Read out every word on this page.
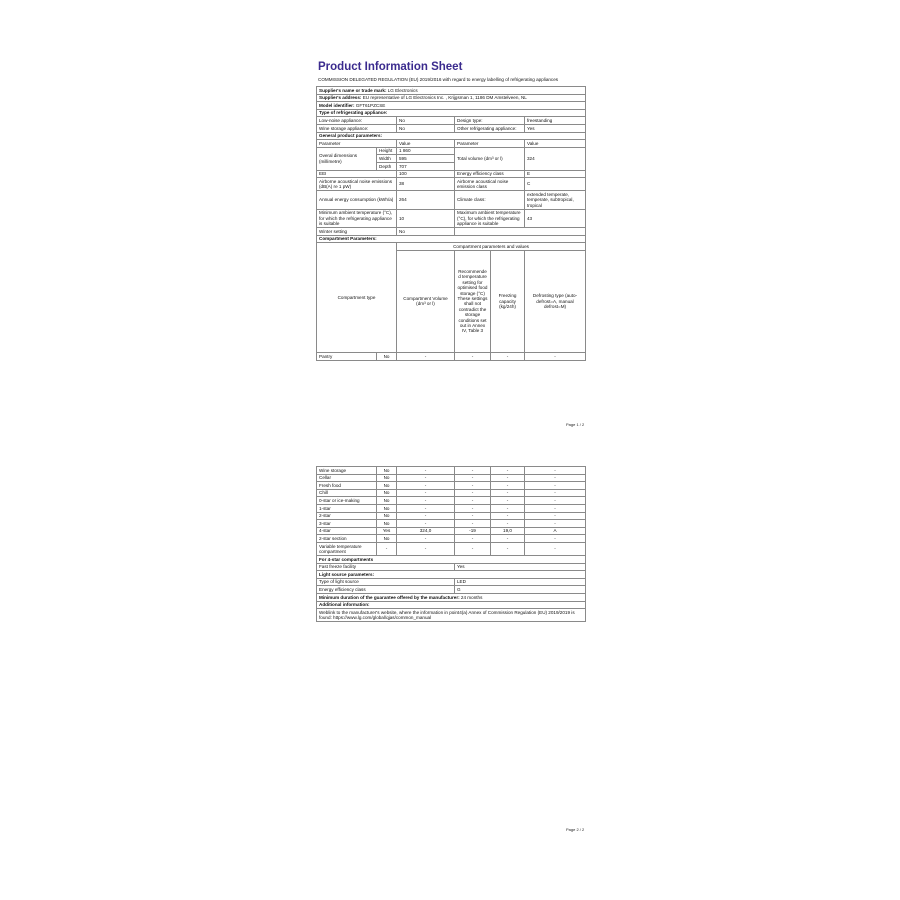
Product Information Sheet
COMMISSION DELEGATED REGULATION (EU) 2019/2016 with regard to energy labelling of refrigerating appliances
Supplier's name or trade mark: LG Electronics					
Supplier's address: EU representative of LG Electronics Inc. , Krijgsman 1, 1186 DM Amstelveen, NL					
Model identifier: GFT61PZCSE					
Type of refrigerating appliance:					
Low-noise appliance:		No	Design type:		freestanding
Wine storage appliance:		No	Other refrigerating appliance:		Yes
General product parameters:					
Parameter		Value	Parameter		Value
Overal dimensions (millimetre)	Height	1 860	Total volume (dm³ or l)		324
	Width	595			
	Depth	707			
EEI		100	Energy efficiency class		E
Airborne acoustical noise emissions (dB(A) re 1 pW)		38	Airborne acoustical noise emission class		C
Annual energy consumption (kWh/a)		264	Climate class:		extended temperate, temperate, subtropical, tropical
Minimum ambient temperature (°C), for which the refrigerating appliance is suitable		10	Maximum ambient temperature (°C), for which the refrigerating appliance is suitable		43
Winter setting		No			
Compartment Parameters:					
Compartment type		Compartment parameters and values			
		Compartment Volume (dm³ or l)	Recommended temperature setting for optimised food storage (°C) These settings shall not contradict the storage conditions set out in Annex IV, Table 3	Freezing capacity (kg/24h)	Defrosting type (auto-defrost=A, manual defrost=M)
Pantry	No	-	-	-	-
Page 1 / 2
Wine storage	No	-	-	-	-
Cellar	No	-	-	-	-
Fresh food	No	-	-	-	-
Chill	No	-	-	-	-
0-star or ice-making	No	-	-	-	-
1-star	No	-	-	-	-
2-star	No	-	-	-	-
3-star	No	-	-	-	-
4-star	Yes	324,0	-19	19,0	A
2-star section	No	-	-	-	-
Variable temperature compartment	-	-	-	-	-
For 4-star compartments					
Fast freeze facility			Yes		
Light source parameters:					
Type of light source			LED		
Energy efficiency class			G		
Minimum duration of the guarantee offered by the manufacturer: 24 months					
Additional information:					
Weblink to the manufacturer's website, where the information in point4(a) Annex of Commission Regulation (EU) 2019/2019 is found: https://www.lg.com/global/qjas/common_manual					
Page 2 / 2
